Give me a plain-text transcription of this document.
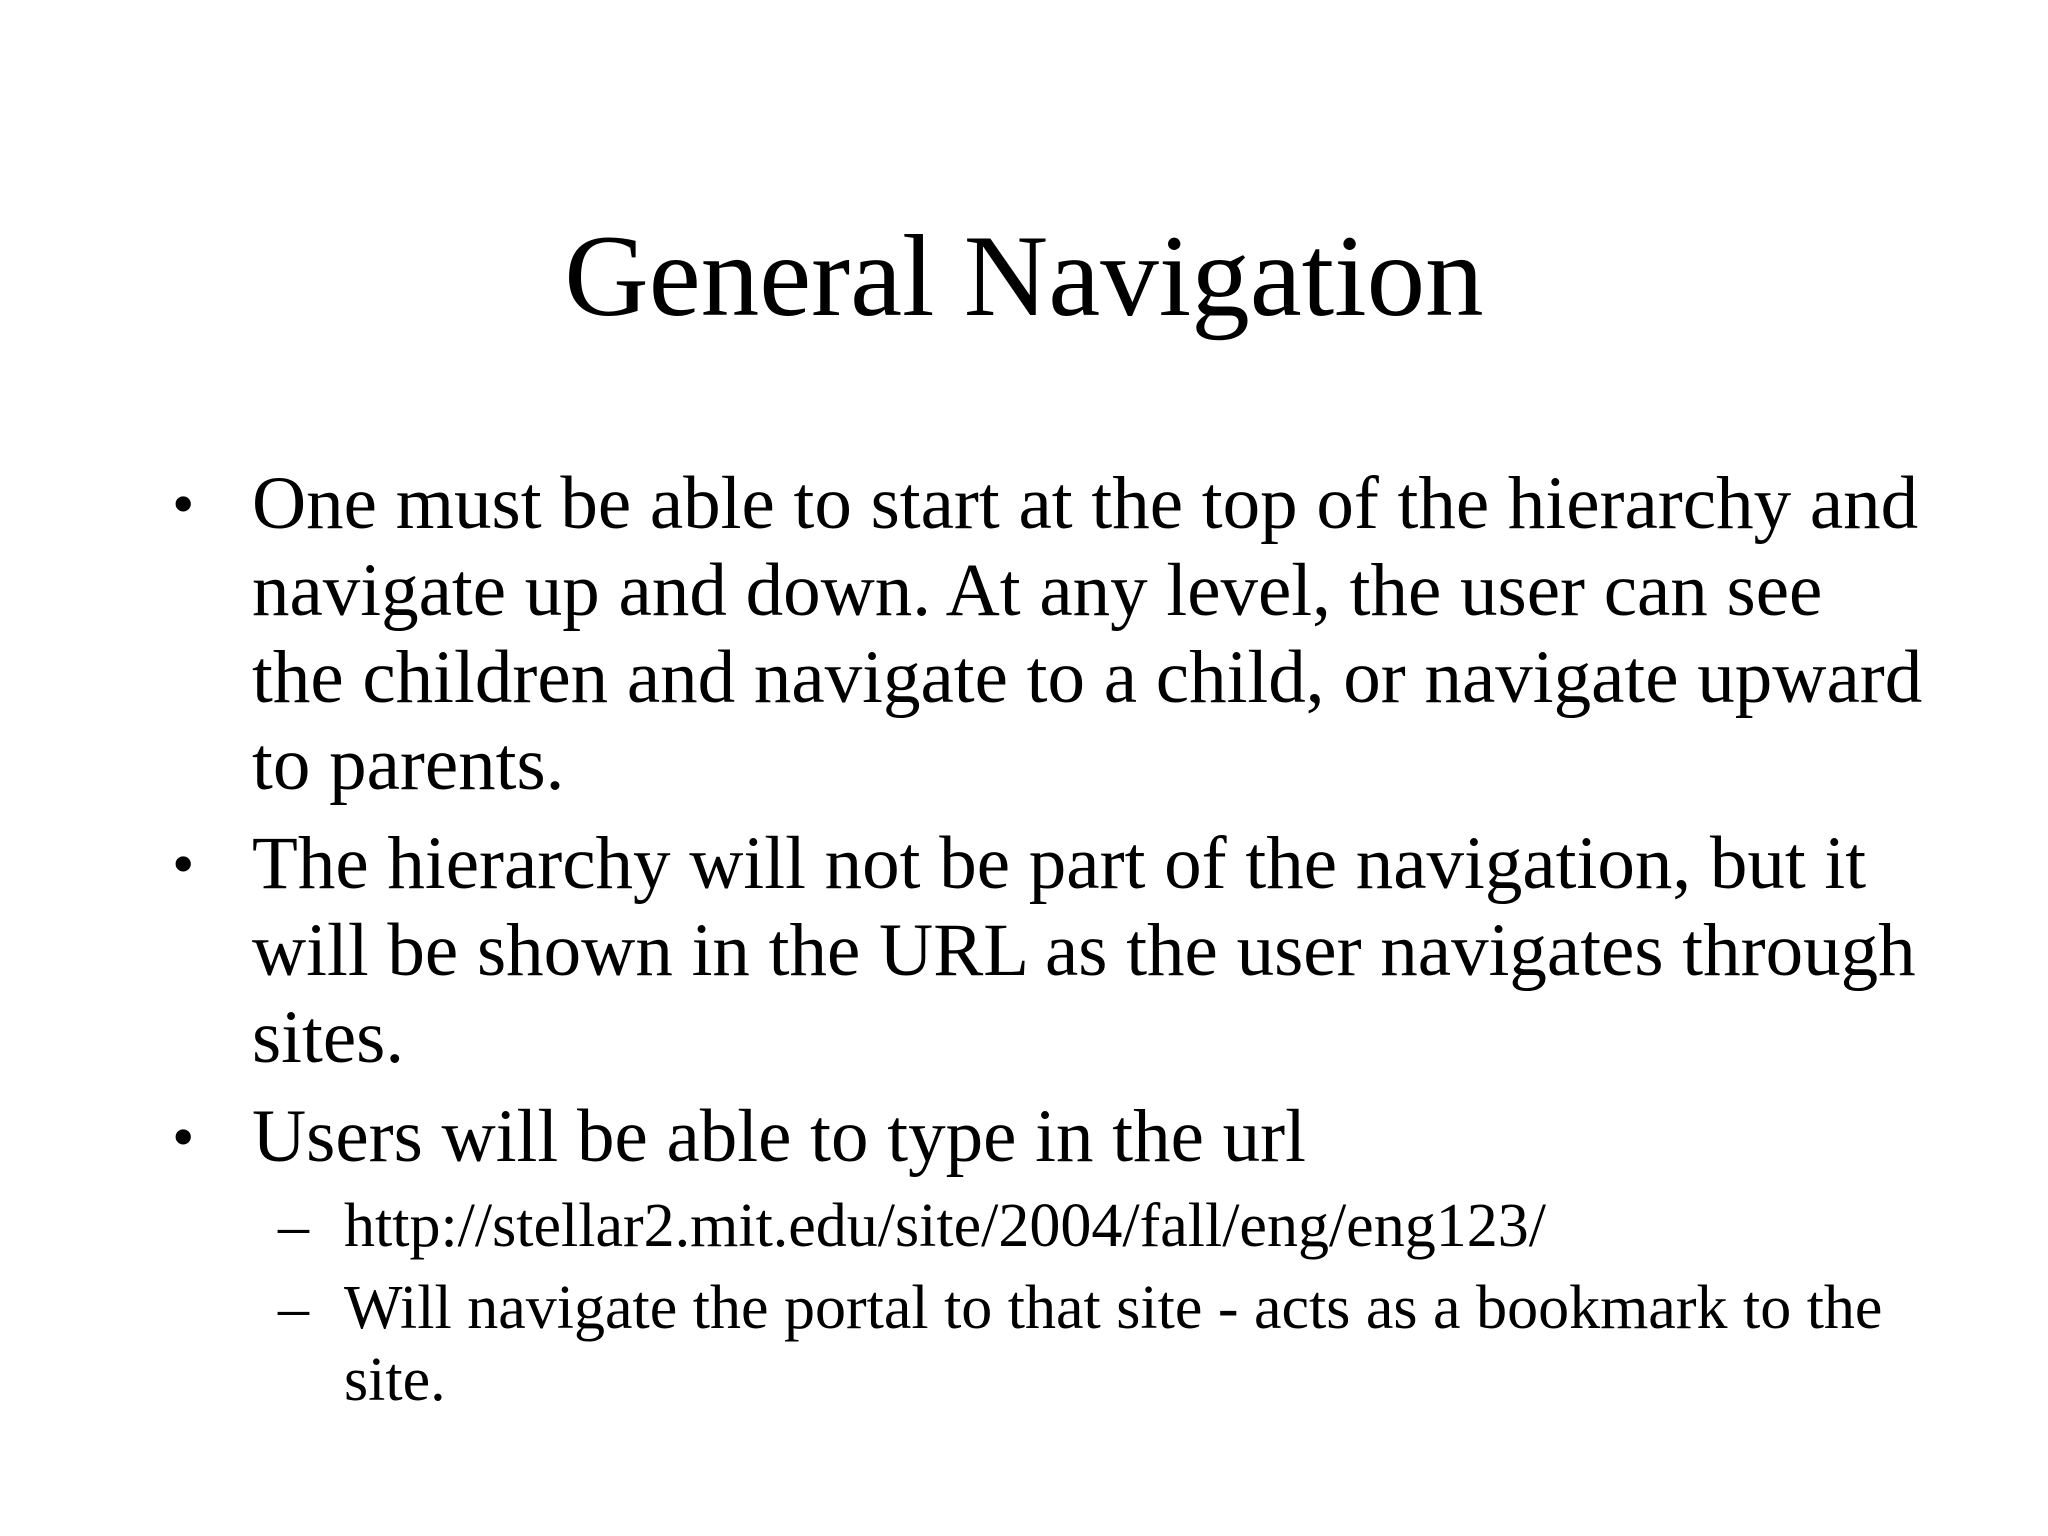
General Navigation
• One must be able to start at the top of the hierarchy and navigate up and down. At any level, the user can see the children and navigate to a child, or navigate upward to parents.
• The hierarchy will not be part of the navigation, but it will be shown in the URL as the user navigates through sites.
• Users will be able to type in the url
– http://stellar2.mit.edu/site/2004/fall/eng/eng123/
– Will navigate the portal to that site - acts as a bookmark to the site.
